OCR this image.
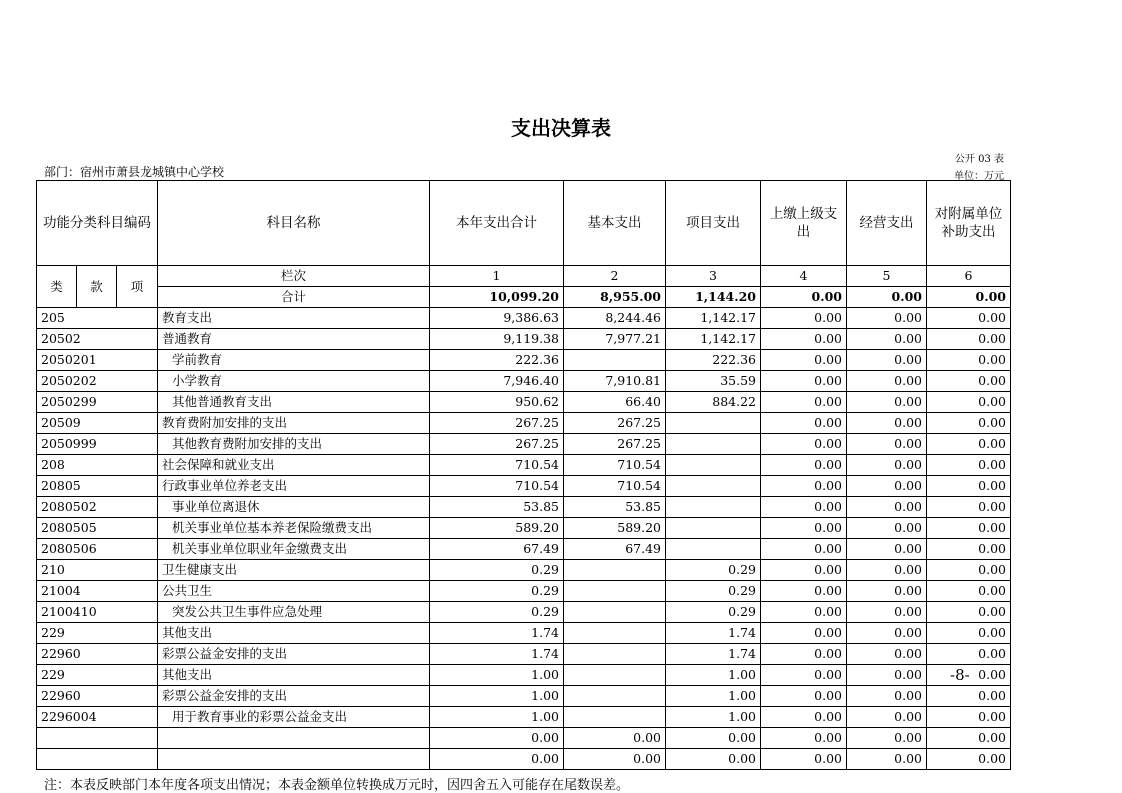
支出决算表
公开 03 表
单位：万元
部门：宿州市萧县龙城镇中心学校
功能分类科目编码			科目名称	本年支出合计	基本支出	项目支出	上缴上级支出	经营支出	对附属单位补助支出
类	款	项	栏次	1	2	3	4	5	6
			合计	10,099.20	8,955.00	1,144.20	0.00	0.00	0.00
205			教育支出	9,386.63	8,244.46	1,142.17	0.00	0.00	0.00
20502			普通教育	9,119.38	7,977.21	1,142.17	0.00	0.00	0.00
2050201			学前教育	222.36		222.36	0.00	0.00	0.00
2050202			小学教育	7,946.40	7,910.81	35.59	0.00	0.00	0.00
2050299			其他普通教育支出	950.62	66.40	884.22	0.00	0.00	0.00
20509			教育费附加安排的支出	267.25	267.25		0.00	0.00	0.00
2050999			其他教育费附加安排的支出	267.25	267.25		0.00	0.00	0.00
208			社会保障和就业支出	710.54	710.54		0.00	0.00	0.00
20805			行政事业单位养老支出	710.54	710.54		0.00	0.00	0.00
2080502			事业单位离退休	53.85	53.85		0.00	0.00	0.00
2080505			机关事业单位基本养老保险缴费支出	589.20	589.20		0.00	0.00	0.00
2080506			机关事业单位职业年金缴费支出	67.49	67.49		0.00	0.00	0.00
210			卫生健康支出	0.29		0.29	0.00	0.00	0.00
21004			公共卫生	0.29		0.29	0.00	0.00	0.00
2100410			突发公共卫生事件应急处理	0.29		0.29	0.00	0.00	0.00
229			其他支出	1.74		1.74	0.00	0.00	0.00
22960			彩票公益金安排的支出	1.74		1.74	0.00	0.00	0.00
229			其他支出	1.00		1.00	0.00	0.00	0.00
22960			彩票公益金安排的支出	1.00		1.00	0.00	0.00	0.00
2296004			用于教育事业的彩票公益金支出	1.00		1.00	0.00	0.00	0.00
				0.00	0.00	0.00	0.00	0.00	0.00
				0.00	0.00	0.00	0.00	0.00	0.00
-8-
注：本表反映部门本年度各项支出情况；本表金额单位转换成万元时，因四舍五入可能存在尾数误差。
